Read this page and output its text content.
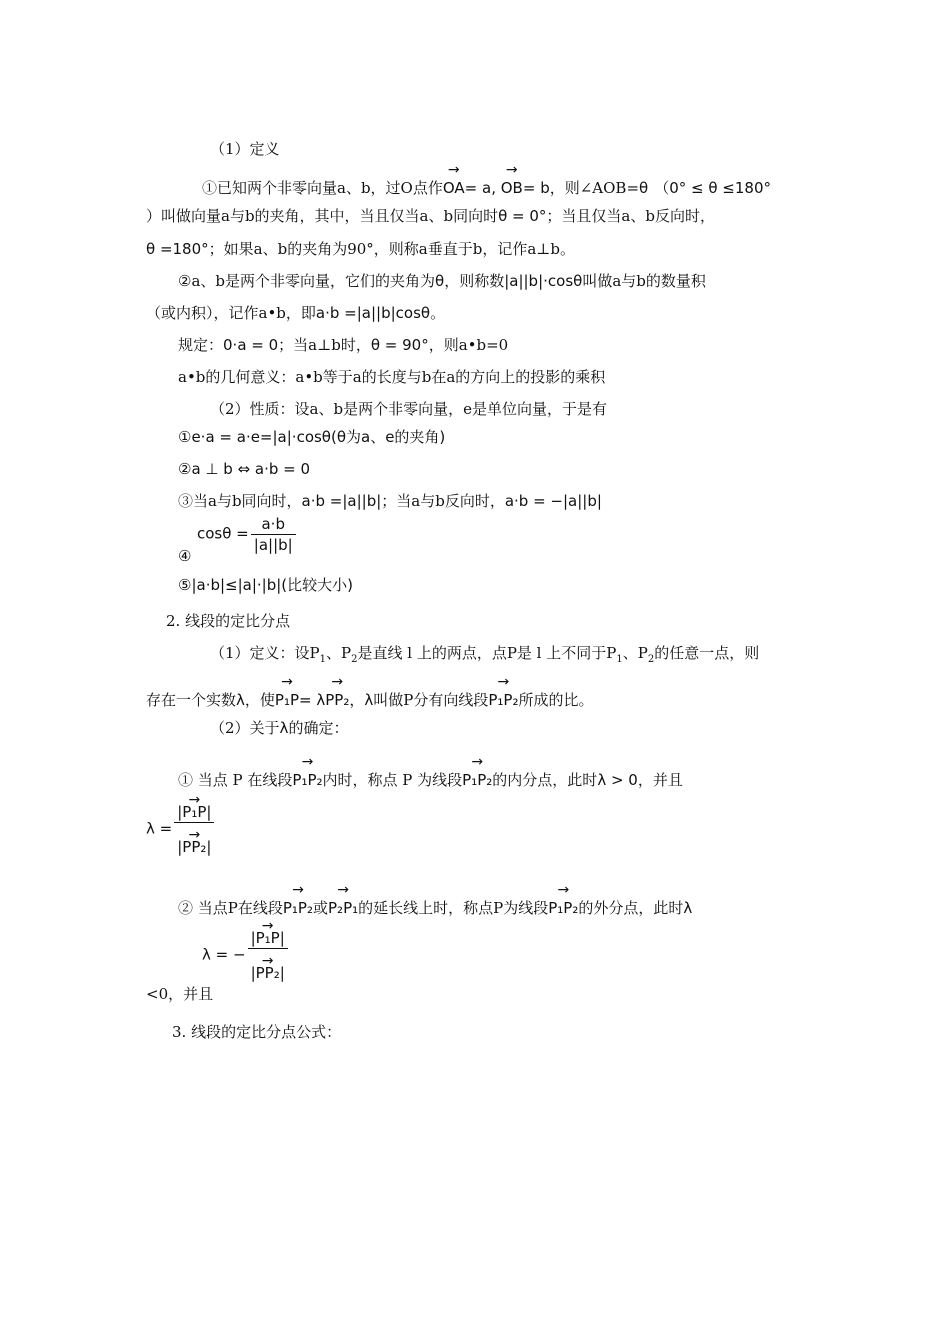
（1）定义
①已知两个非零向量a、b，过O点作→ OA= a, → OB= b，则∠AOB=θ （0° ≤ θ ≤180°
）叫做向量a与b的夹角，其中，当且仅当a、b同向时θ = 0°；当且仅当a、b反向时，
θ =180°；如果a、b的夹角为90°，则称a垂直于b，记作a⊥b。
②a、b是两个非零向量，它们的夹角为θ，则称数|a||b|·cosθ叫做a与b的数量积
（或内积），记作a•b，即a·b =|a||b|cosθ。
规定：0·a = 0；当a⊥b时，θ = 90°，则a•b=0
a•b的几何意义：a•b等于a的长度与b在a的方向上的投影的乘积
（2）性质：设a、b是两个非零向量，e是单位向量，于是有
①e·a = a·e=|a|·cosθ(θ为a、e的夹角)
②a ⊥ b ⇔ a·b = 0
③当a与b同向时，a·b =|a||b|；当a与b反向时，a·b = −|a||b|
$\cos\theta = \frac{a\cdot b}{|a||b|}$
④
⑤|a·b|≤|a|·|b|(比较大小)
2. 线段的定比分点
（1）定义：设$P_1$、$P_2$是直线 l 上的两点，点P是 l 上不同于$P_1$、$P_2$的任意一点，则
存在一个实数λ，使→ P₁P= λ→ PP₂，λ叫做P分有向线段→ P₁P₂所成的比。
（2）关于λ的确定：
① 当点 P 在线段→ P₁P₂内时，称点 P 为线段→ P₁P₂的内分点，此时λ > 0，并且
λ = → |P₁P|
→ |PP₂|
② 当点P在线段→ P₁P₂或→ P₂P₁的延长线上时，称点P为线段→ P₁P₂的外分点，此时λ
λ = − → |P₁P|
→ |PP₂|
<0，并且
3. 线段的定比分点公式：
